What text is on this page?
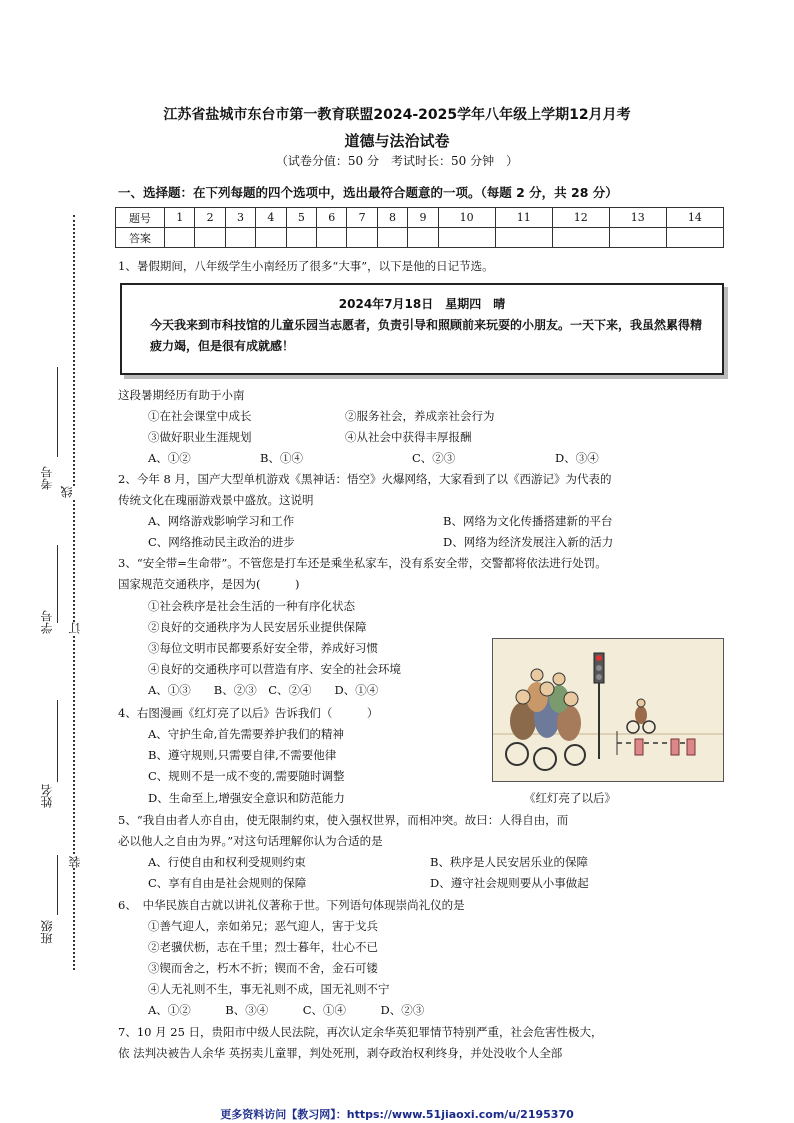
江苏省盐城市东台市第一教育联盟2024-2025学年八年级上学期12月月考
道德与法治试卷
（试卷分值：50 分　考试时长：50 分钟　）
一、选择题：在下列每题的四个选项中，选出最符合题意的一项。（每题 2 分，共 28 分）
题号	1	2	3	4	5	6	7	8	9	10	11	12	13	14
答案														
1、暑假期间，八年级学生小南经历了很多“大事”，以下是他的日记节选。
2024年7月18日　星期四　晴
今天我来到市科技馆的儿童乐园当志愿者，负责引导和照顾前来玩耍的小朋友。一天下来，我虽然累得精疲力竭，但是很有成就感！
这段暑期经历有助于小南
①在社会课堂中成长	②服务社会，养成亲社会行为
③做好职业生涯规划	④从社会中获得丰厚报酬
A、①②	B、①④	C、②③	D、③④
2、今年 8 月，国产大型单机游戏《黑神话：悟空》火爆网络，大家看到了以《西游记》为代表的
传统文化在瑰丽游戏景中盛放。这说明
A、网络游戏影响学习和工作	B、网络为文化传播搭建新的平台
C、网络推动民主政治的进步	D、网络为经济发展注入新的活力
3、“安全带=生命带”。不管您是打车还是乘坐私家车，没有系安全带，交警都将依法进行处罚。
国家规范交通秩序，是因为(　　　)
①社会秩序是社会生活的一种有序化状态
②良好的交通秩序为人民安居乐业提供保障
③每位文明市民都要系好安全带，养成好习惯
④良好的交通秩序可以营造有序、安全的社会环境
A、①③　　B、②③　C、②④　　D、①④
《红灯亮了以后》
4、右图漫画《红灯亮了以后》告诉我们（　　　）
A、守护生命,首先需要养护我们的精神
B、遵守规则,只需要自律,不需要他律
C、规则不是一成不变的,需要随时调整
D、生命至上,增强安全意识和防范能力
5、“我自由者人亦自由，使无限制约束，使入强权世界，而相冲突。故曰：人得自由，而
必以他人之自由为界。”对这句话理解你认为合适的是
A、行使自由和权利受规则约束	B、秩序是人民安居乐业的保障
C、享有自由是社会规则的保障	D、遵守社会规则要从小事做起
6、　中华民族自古就以讲礼仪著称于世。下列语句体现崇尚礼仪的是
①善气迎人，亲如弟兄；恶气迎人，害于戈兵
②老骥伏枥，志在千里；烈士暮年，壮心不已
③锲而舍之，朽木不折；锲而不舍，金石可镂
④人无礼则不生，事无礼则不成，国无礼则不宁
A、①②　　　B、③④　　　C、①④　　　D、②③
7、10 月 25 日，贵阳市中级人民法院，再次认定余华英犯罪情节特别严重，社会危害性极大，
依 法判决被告人余华 英拐卖儿童罪，判处死刑，剥夺政治权利终身，并处没收个人全部
线
订
装
考号
学号
姓名
班级
更多资料访问【教习网】：https://www.51jiaoxi.com/u/2195370
